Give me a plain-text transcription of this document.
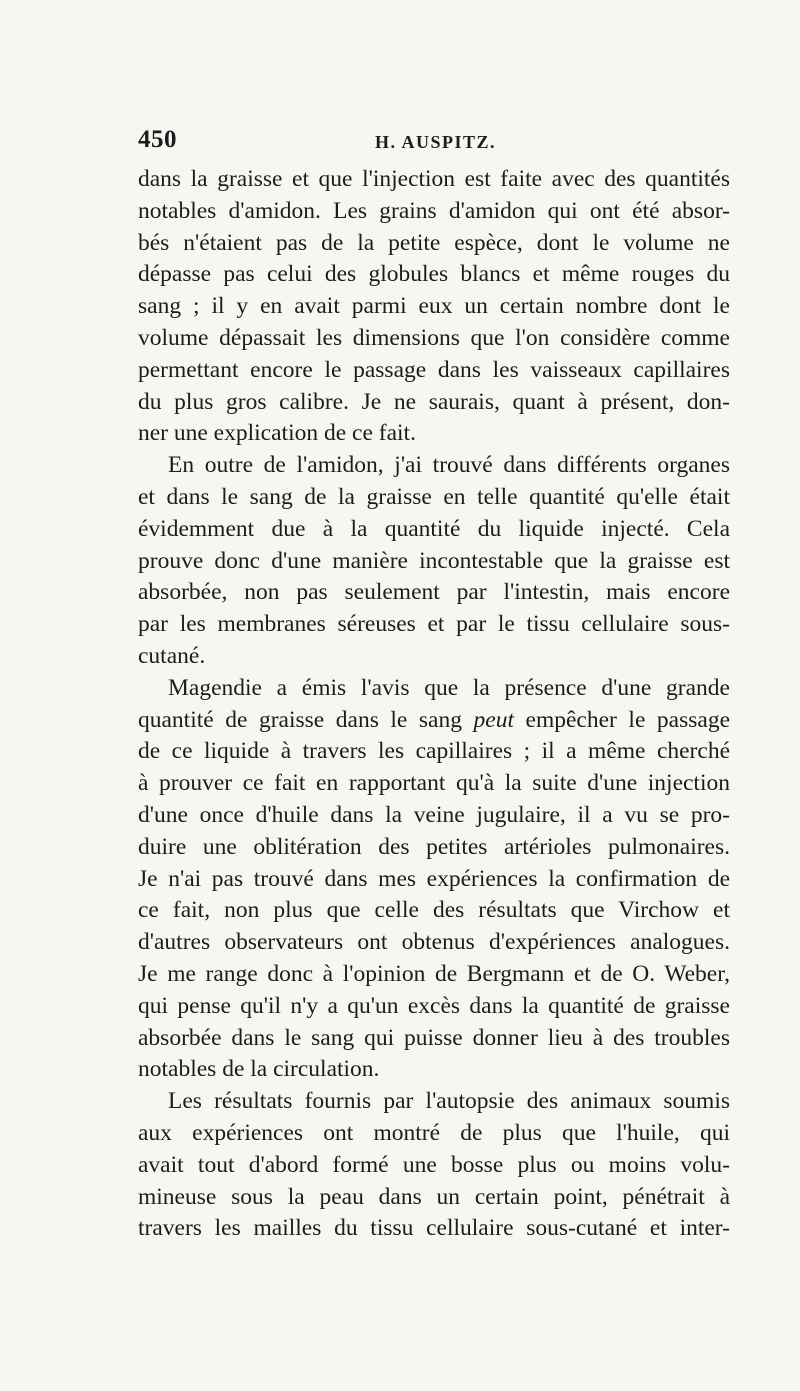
450	H. AUSPITZ.
dans la graisse et que l'injection est faite avec des quantités
notables d'amidon. Les grains d'amidon qui ont été absor-
bés n'étaient pas de la petite espèce, dont le volume ne
dépasse pas celui des globules blancs et même rouges du
sang ; il y en avait parmi eux un certain nombre dont le
volume dépassait les dimensions que l'on considère comme
permettant encore le passage dans les vaisseaux capillaires
du plus gros calibre. Je ne saurais, quant à présent, don-
ner une explication de ce fait.
En outre de l'amidon, j'ai trouvé dans différents organes
et dans le sang de la graisse en telle quantité qu'elle était
évidemment due à la quantité du liquide injecté. Cela
prouve donc d'une manière incontestable que la graisse est
absorbée, non pas seulement par l'intestin, mais encore
par les membranes séreuses et par le tissu cellulaire sous-
cutané.
Magendie a émis l'avis que la présence d'une grande
quantité de graisse dans le sang peut empêcher le passage
de ce liquide à travers les capillaires ; il a même cherché
à prouver ce fait en rapportant qu'à la suite d'une injection
d'une once d'huile dans la veine jugulaire, il a vu se pro-
duire une oblitération des petites artérioles pulmonaires.
Je n'ai pas trouvé dans mes expériences la confirmation de
ce fait, non plus que celle des résultats que Virchow et
d'autres observateurs ont obtenus d'expériences analogues.
Je me range donc à l'opinion de Bergmann et de O. Weber,
qui pense qu'il n'y a qu'un excès dans la quantité de graisse
absorbée dans le sang qui puisse donner lieu à des troubles
notables de la circulation.
Les résultats fournis par l'autopsie des animaux soumis
aux expériences ont montré de plus que l'huile, qui
avait tout d'abord formé une bosse plus ou moins volu-
mineuse sous la peau dans un certain point, pénétrait à
travers les mailles du tissu cellulaire sous-cutané et inter-
